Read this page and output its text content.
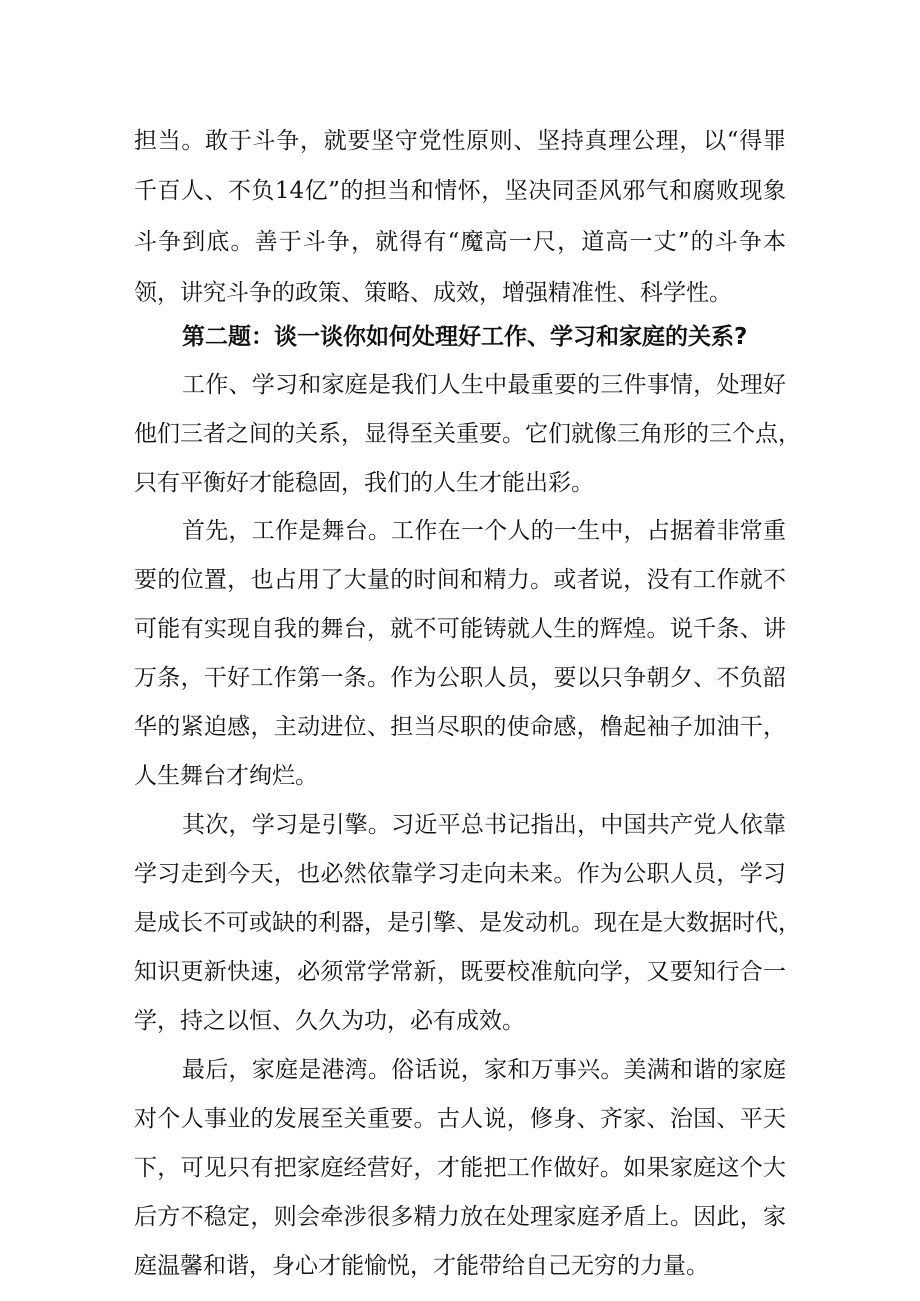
担当。敢于斗争，就要坚守党性原则、坚持真理公理，以“得罪
千百人、不负14亿”的担当和情怀，坚决同歪风邪气和腐败现象
斗争到底。善于斗争，就得有“魔高一尺，道高一丈”的斗争本
领，讲究斗争的政策、策略、成效，增强精准性、科学性。
第二题：谈一谈你如何处理好工作、学习和家庭的关系?
工作、学习和家庭是我们人生中最重要的三件事情，处理好
他们三者之间的关系，显得至关重要。它们就像三角形的三个点，
只有平衡好才能稳固，我们的人生才能出彩。
首先，工作是舞台。工作在一个人的一生中，占据着非常重
要的位置，也占用了大量的时间和精力。或者说，没有工作就不
可能有实现自我的舞台，就不可能铸就人生的辉煌。说千条、讲
万条，干好工作第一条。作为公职人员，要以只争朝夕、不负韶
华的紧迫感，主动进位、担当尽职的使命感，橹起袖子加油干，
人生舞台才绚烂。
其次，学习是引擎。习近平总书记指出，中国共产党人依靠
学习走到今天，也必然依靠学习走向未来。作为公职人员，学习
是成长不可或缺的利器，是引擎、是发动机。现在是大数据时代，
知识更新快速，必须常学常新，既要校准航向学，又要知行合一
学，持之以恒、久久为功，必有成效。
最后，家庭是港湾。俗话说，家和万事兴。美满和谐的家庭
对个人事业的发展至关重要。古人说，修身、齐家、治国、平天
下，可见只有把家庭经营好，才能把工作做好。如果家庭这个大
后方不稳定，则会牵涉很多精力放在处理家庭矛盾上。因此，家
庭温馨和谐，身心才能愉悦，才能带给自己无穷的力量。
